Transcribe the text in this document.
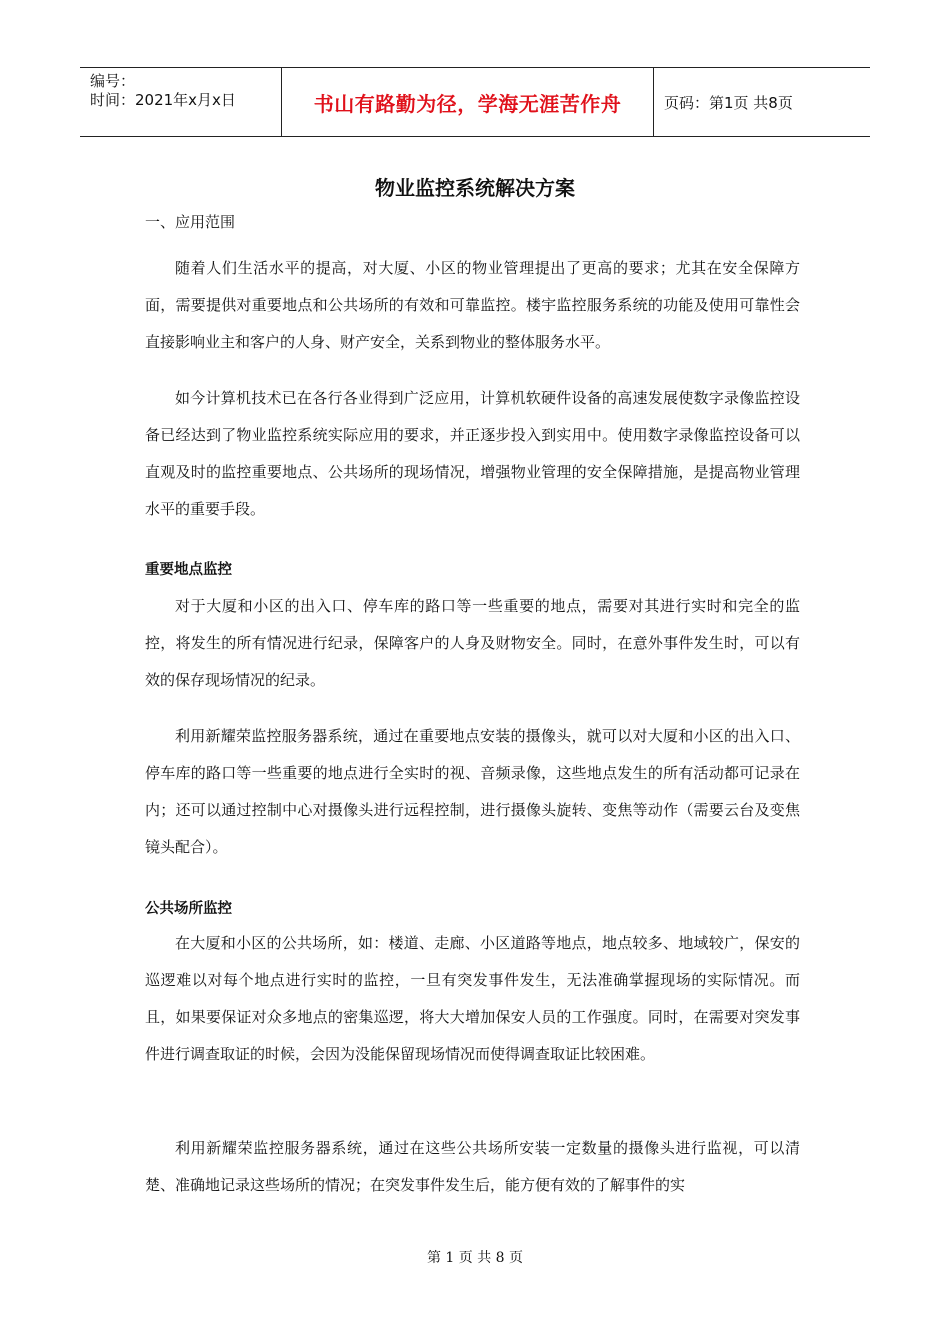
编号：
时间：2021年x月x日	书山有路勤为径，学海无涯苦作舟	页码：第1页 共8页
物业监控系统解决方案
一、应用范围

随着人们生活水平的提高，对大厦、小区的物业管理提出了更高的要求；尤其在安全保障方面，需要提供对重要地点和公共场所的有效和可靠监控。楼宇监控服务系统的功能及使用可靠性会直接影响业主和客户的人身、财产安全，关系到物业的整体服务水平。

如今计算机技术已在各行各业得到广泛应用，计算机软硬件设备的高速发展使数字录像监控设备已经达到了物业监控系统实际应用的要求，并正逐步投入到实用中。使用数字录像监控设备可以直观及时的监控重要地点、公共场所的现场情况，增强物业管理的安全保障措施，是提高物业管理水平的重要手段。

重要地点监控

对于大厦和小区的出入口、停车库的路口等一些重要的地点，需要对其进行实时和完全的监控，将发生的所有情况进行纪录，保障客户的人身及财物安全。同时，在意外事件发生时，可以有效的保存现场情况的纪录。

利用新耀荣监控服务器系统，通过在重要地点安装的摄像头，就可以对大厦和小区的出入口、停车库的路口等一些重要的地点进行全实时的视、音频录像，这些地点发生的所有活动都可记录在内；还可以通过控制中心对摄像头进行远程控制，进行摄像头旋转、变焦等动作（需要云台及变焦镜头配合）。

公共场所监控

在大厦和小区的公共场所，如：楼道、走廊、小区道路等地点，地点较多、地域较广，保安的巡逻难以对每个地点进行实时的监控，一旦有突发事件发生，无法准确掌握现场的实际情况。而且，如果要保证对众多地点的密集巡逻，将大大增加保安人员的工作强度。同时，在需要对突发事件进行调查取证的时候，会因为没能保留现场情况而使得调查取证比较困难。

利用新耀荣监控服务器系统，通过在这些公共场所安装一定数量的摄像头进行监视，可以清楚、准确地记录这些场所的情况；在突发事件发生后，能方便有效的了解事件的实

第 1 页 共 8 页
